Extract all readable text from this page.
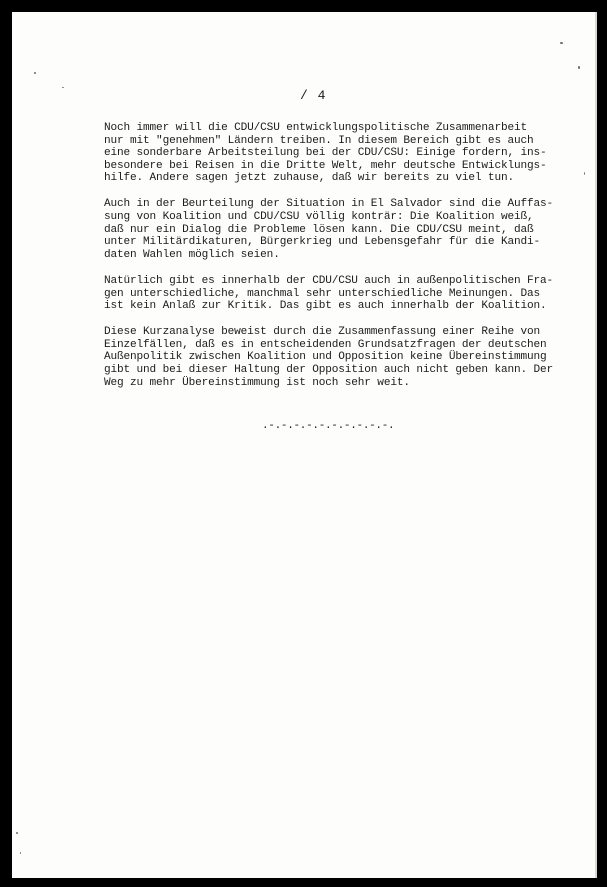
/ 4

Noch immer will die CDU/CSU entwicklungspolitische Zusammenarbeit
nur mit "genehmen" Ländern treiben. In diesem Bereich gibt es auch
eine sonderbare Arbeitsteilung bei der CDU/CSU: Einige fordern, ins-
besondere bei Reisen in die Dritte Welt, mehr deutsche Entwicklungs-
hilfe. Andere sagen jetzt zuhause, daß wir bereits zu viel tun.

Auch in der Beurteilung der Situation in El Salvador sind die Auffas-
sung von Koalition und CDU/CSU völlig konträr: Die Koalition weiß,
daß nur ein Dialog die Probleme lösen kann. Die CDU/CSU meint, daß
unter Militärdikaturen, Bürgerkrieg und Lebensgefahr für die Kandi-
daten Wahlen möglich seien.

Natürlich gibt es innerhalb der CDU/CSU auch in außenpolitischen Fra-
gen unterschiedliche, manchmal sehr unterschiedliche Meinungen. Das
ist kein Anlaß zur Kritik. Das gibt es auch innerhalb der Koalition.

Diese Kurzanalyse beweist durch die Zusammenfassung einer Reihe von
Einzelfällen, daß es in entscheidenden Grundsatzfragen der deutschen
Außenpolitik zwischen Koalition und Opposition keine Übereinstimmung
gibt und bei dieser Haltung der Opposition auch nicht geben kann. Der
Weg zu mehr Übereinstimmung ist noch sehr weit.

.-.-.-.-.-.-.-.-.-.-.
